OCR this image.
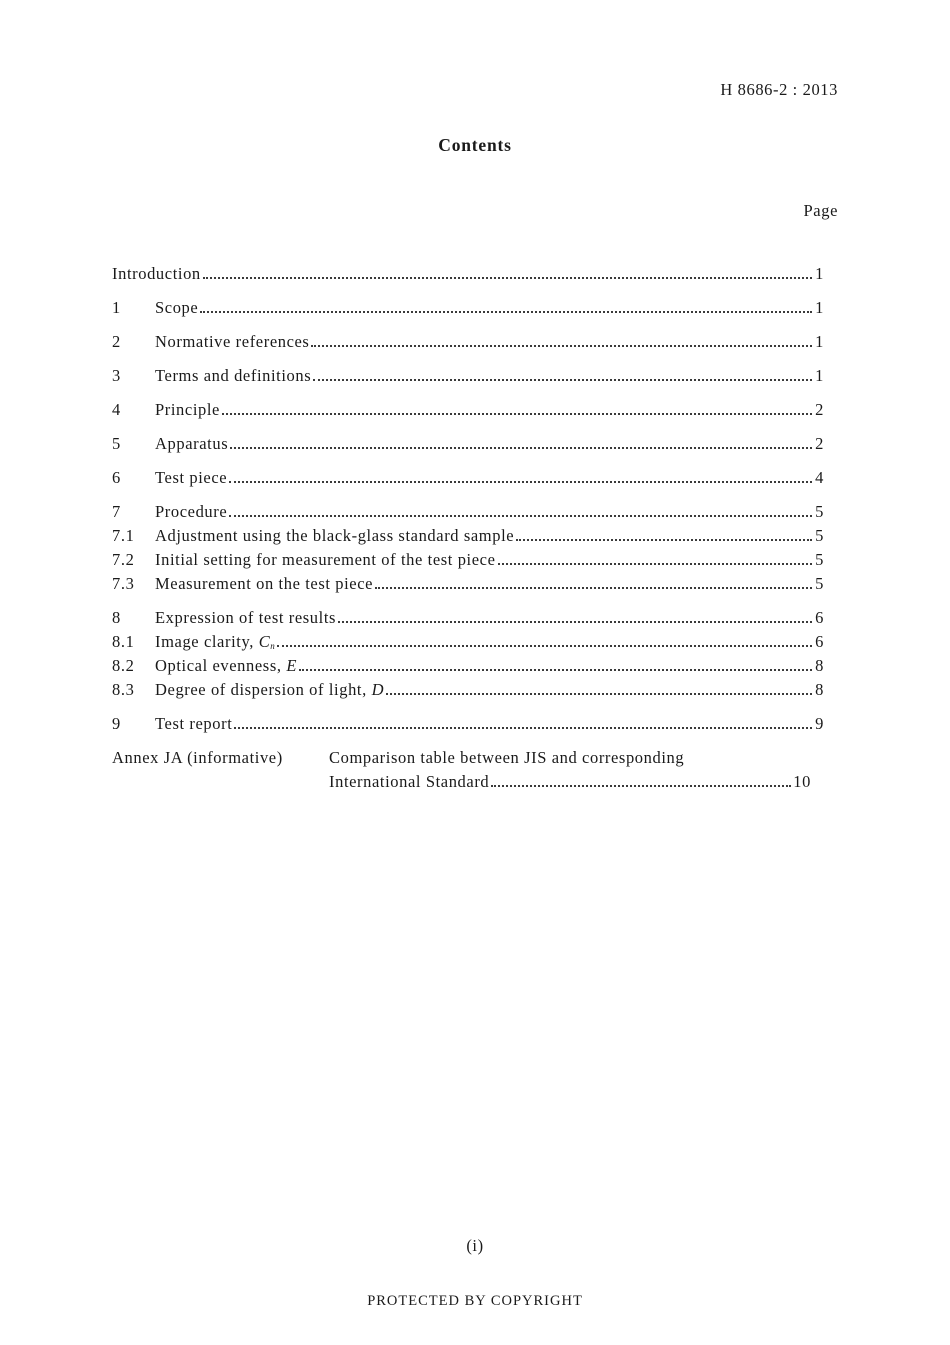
H 8686-2 : 2013
Contents
Page
Introduction	1
1	Scope	1
2	Normative references	1
3	Terms and definitions	1
4	Principle	2
5	Apparatus	2
6	Test piece	4
7	Procedure	5
7.1	Adjustment using the black-glass standard sample	5
7.2	Initial setting for measurement of the test piece	5
7.3	Measurement on the test piece	5
8	Expression of test results	6
8.1	Image clarity, $C_n$	6
8.2	Optical evenness, E	8
8.3	Degree of dispersion of light, D	8
9	Test report	9
Annex JA (informative)	Comparison table between JIS and corresponding
International Standard	10
(i)
PROTECTED BY COPYRIGHT
